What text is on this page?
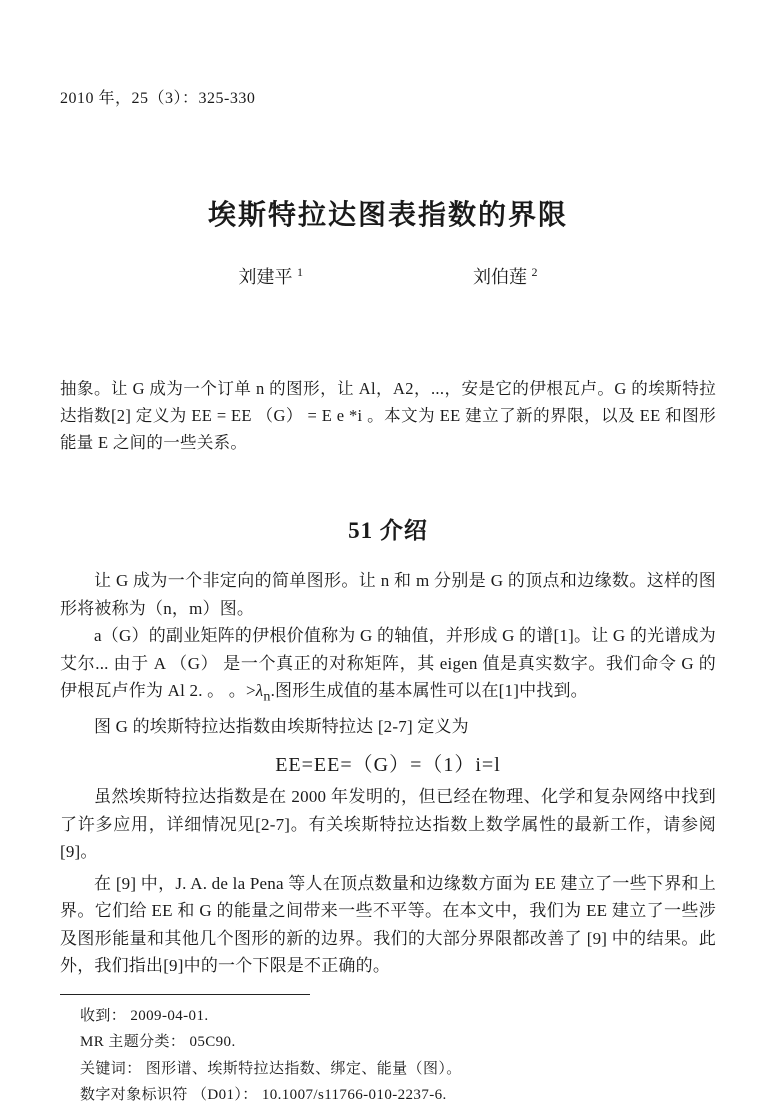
2010 年，25（3）：325-330
埃斯特拉达图表指数的界限
刘建平 $^1$	刘伯莲 $^2$

抽象。让 G 成为一个订单 n 的图形，让 Al，A2，...，安是它的伊根瓦卢。G 的埃斯特拉达指数[2] 定义为 EE = EE （G） = E e *i 。本文为 EE 建立了新的界限，以及 EE 和图形能量 E 之间的一些关系。

51 介绍

让 G 成为一个非定向的简单图形。让 n 和 m 分别是 G 的顶点和边缘数。这样的图形将被称为（n，m）图。

a（G）的副业矩阵的伊根价值称为 G 的轴值，并形成 G 的谱[1]。让 G 的光谱成为艾尔... 由于 A （G） 是一个真正的对称矩阵，其 eigen 值是真实数字。我们命令 G 的伊根瓦卢作为 Al 2. 。 。$>\lambda_n$.图形生成值的基本属性可以在[1]中找到。

图 G 的埃斯特拉达指数由埃斯特拉达 [2-7] 定义为

EE=EE=（G）=（1）i=l

虽然埃斯特拉达指数是在 2000 年发明的，但已经在物理、化学和复杂网络中找到了许多应用，详细情况见[2-7]。有关埃斯特拉达指数上数学属性的最新工作，请参阅 [9]。

在 [9] 中，J. A. de la Pena 等人在顶点数量和边缘数方面为 EE 建立了一些下界和上界。它们给 EE 和 G 的能量之间带来一些不平等。在本文中，我们为 EE 建立了一些涉及图形能量和其他几个图形的新的边界。我们的大部分界限都改善了 [9] 中的结果。此外，我们指出[9]中的一个下限是不正确的。

收到： 2009-04-01.
MR 主题分类： 05C90.
关键词： 图形谱、埃斯特拉达指数、绑定、能量（图）。
数字对象标识符 （D01）： 10.1007/s11766-010-2237-6.
